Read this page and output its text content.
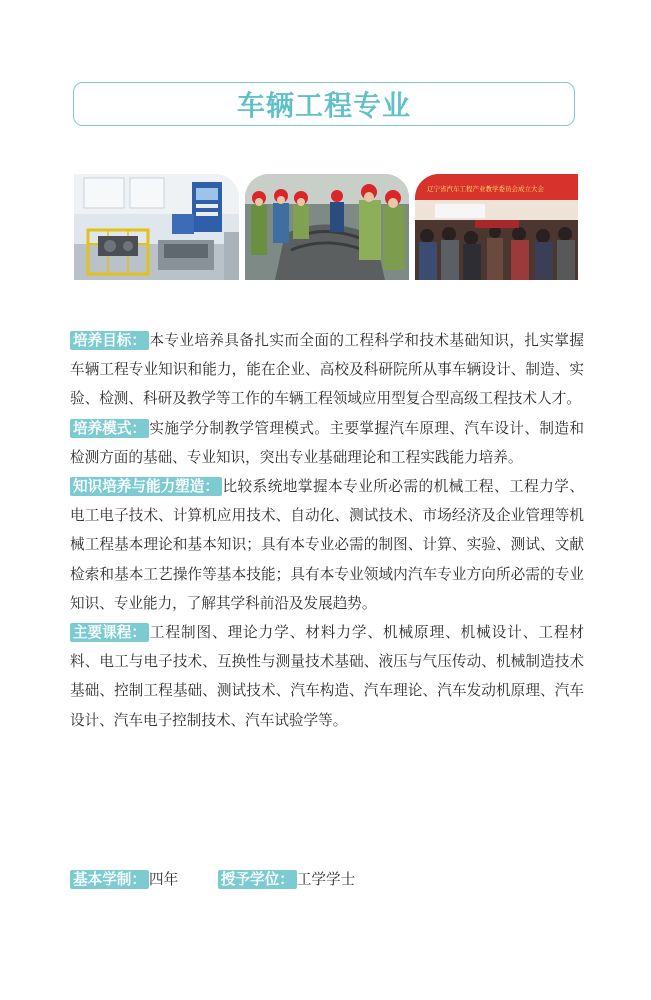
车辆工程专业
辽宁省汽车工程产业教学委员会成立大会

培养目标： 本专业培养具备扎实而全面的工程科学和技术基础知识，扎实掌握车辆工程专业知识和能力，能在企业、高校及科研院所从事车辆设计、制造、实验、检测、科研及教学等工作的车辆工程领域应用型复合型高级工程技术人才。

培养模式： 实施学分制教学管理模式。主要掌握汽车原理、汽车设计、制造和检测方面的基础、专业知识，突出专业基础理论和工程实践能力培养。

知识培养与能力塑造： 比较系统地掌握本专业所必需的机械工程、工程力学、电工电子技术、计算机应用技术、自动化、测试技术、市场经济及企业管理等机械工程基本理论和基本知识；具有本专业必需的制图、计算、实验、测试、文献检索和基本工艺操作等基本技能；具有本专业领域内汽车专业方向所必需的专业知识、专业能力，了解其学科前沿及发展趋势。

主要课程： 工程制图、理论力学、材料力学、机械原理、机械设计、工程材料、电工与电子技术、互换性与测量技术基础、液压与气压传动、机械制造技术基础、控制工程基础、测试技术、汽车构造、汽车理论、汽车发动机原理、汽车设计、汽车电子控制技术、汽车试验学等。

基本学制： 四年	授予学位： 工学学士
